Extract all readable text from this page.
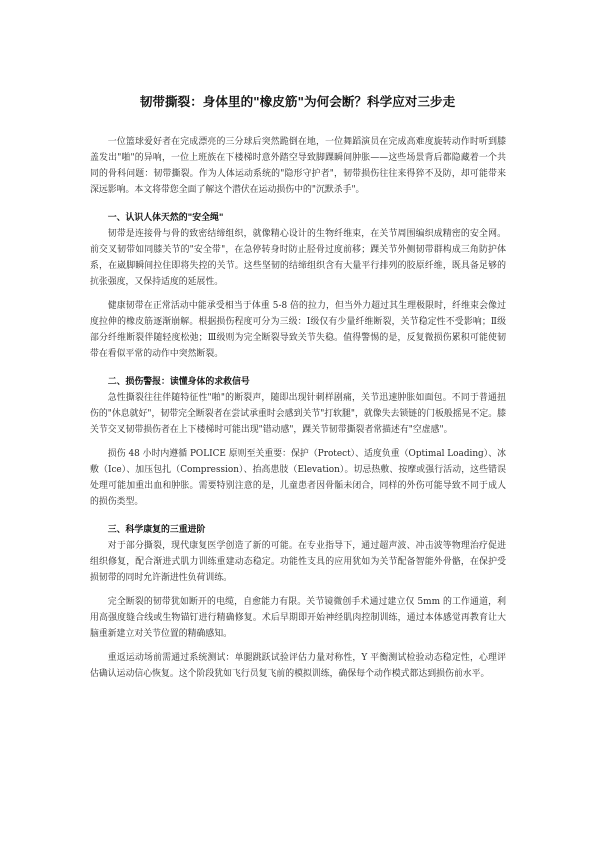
韧带撕裂：身体里的"橡皮筋"为何会断？科学应对三步走

一位篮球爱好者在完成漂亮的三分球后突然跪倒在地，一位舞蹈演员在完成高难度旋转动作时听到膝盖发出"啪"的异响，一位上班族在下楼梯时意外踏空导致脚踝瞬间肿胀——这些场景背后都隐藏着一个共同的骨科问题：韧带撕裂。作为人体运动系统的"隐形守护者"，韧带损伤往往来得猝不及防，却可能带来深远影响。本文将带您全面了解这个潜伏在运动损伤中的"沉默杀手"。

一、认识人体天然的"安全绳"

韧带是连接骨与骨的致密结缔组织，就像精心设计的生物纤维束，在关节周围编织成精密的安全网。前交叉韧带如同膝关节的"安全带"，在急停转身时防止胫骨过度前移；踝关节外侧韧带群构成三角防护体系，在崴脚瞬间拉住即将失控的关节。这些坚韧的结缔组织含有大量平行排列的胶原纤维，既具备足够的抗张强度，又保持适度的延展性。

健康韧带在正常活动中能承受相当于体重 5-8 倍的拉力，但当外力超过其生理极限时，纤维束会像过度拉伸的橡皮筋逐渐崩解。根据损伤程度可分为三级：Ⅰ级仅有少量纤维断裂，关节稳定性不受影响；Ⅱ级部分纤维断裂伴随轻度松弛；Ⅲ级则为完全断裂导致关节失稳。值得警惕的是，反复微损伤累积可能使韧带在看似平常的动作中突然断裂。

二、损伤警报：读懂身体的求救信号

急性撕裂往往伴随特征性"啪"的断裂声，随即出现针刺样剧痛，关节迅速肿胀如面包。不同于普通扭伤的"休息就好"，韧带完全断裂者在尝试承重时会感到关节"打软腿"，就像失去锁链的门板般摇晃不定。膝关节交叉韧带损伤者在上下楼梯时可能出现"错动感"，踝关节韧带撕裂者常描述有"空虚感"。

损伤 48 小时内遵循 POLICE 原则至关重要：保护（Protect）、适度负重（Optimal Loading）、冰敷（Ice）、加压包扎（Compression）、抬高患肢（Elevation）。切忌热敷、按摩或强行活动，这些错误处理可能加重出血和肿胀。需要特别注意的是，儿童患者因骨骺未闭合，同样的外伤可能导致不同于成人的损伤类型。

三、科学康复的三重进阶

对于部分撕裂，现代康复医学创造了新的可能。在专业指导下，通过超声波、冲击波等物理治疗促进组织修复，配合渐进式肌力训练重建动态稳定。功能性支具的应用犹如为关节配备智能外骨骼，在保护受损韧带的同时允许渐进性负荷训练。

完全断裂的韧带犹如断开的电缆，自愈能力有限。关节镜微创手术通过建立仅 5mm 的工作通道，利用高强度缝合线或生物锚钉进行精确修复。术后早期即开始神经肌肉控制训练，通过本体感觉再教育让大脑重新建立对关节位置的精确感知。

重返运动场前需通过系统测试：单腿跳跃试验评估力量对称性，Y 平衡测试检验动态稳定性，心理评估确认运动信心恢复。这个阶段犹如飞行员复飞前的模拟训练，确保每个动作模式都达到损伤前水平。
